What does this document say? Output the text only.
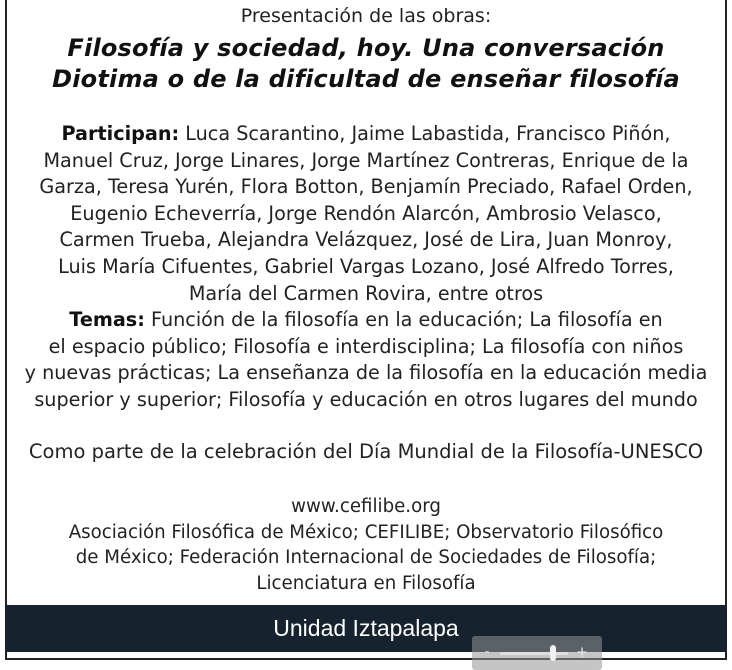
Presentación de las obras:
Filosofía y sociedad, hoy. Una conversación
Diotima o de la dificultad de enseñar filosofía
Participan: Luca Scarantino, Jaime Labastida, Francisco Piñón,
Manuel Cruz, Jorge Linares, Jorge Martínez Contreras, Enrique de la
Garza, Teresa Yurén, Flora Botton, Benjamín Preciado, Rafael Orden,
Eugenio Echeverría, Jorge Rendón Alarcón, Ambrosio Velasco,
Carmen Trueba, Alejandra Velázquez, José de Lira, Juan Monroy,
Luis María Cifuentes, Gabriel Vargas Lozano, José Alfredo Torres,
María del Carmen Rovira, entre otros
Temas: Función de la filosofía en la educación; La filosofía en
el espacio público; Filosofía e interdisciplina; La filosofía con niños
y nuevas prácticas; La enseñanza de la filosofía en la educación media
superior y superior; Filosofía y educación en otros lugares del mundo
Como parte de la celebración del Día Mundial de la Filosofía-UNESCO
www.cefilibe.org
Asociación Filosófica de México; CEFILIBE; Observatorio Filosófico
de México; Federación Internacional de Sociedades de Filosofía;
Licenciatura en Filosofía
Unidad Iztapalapa
-	+
